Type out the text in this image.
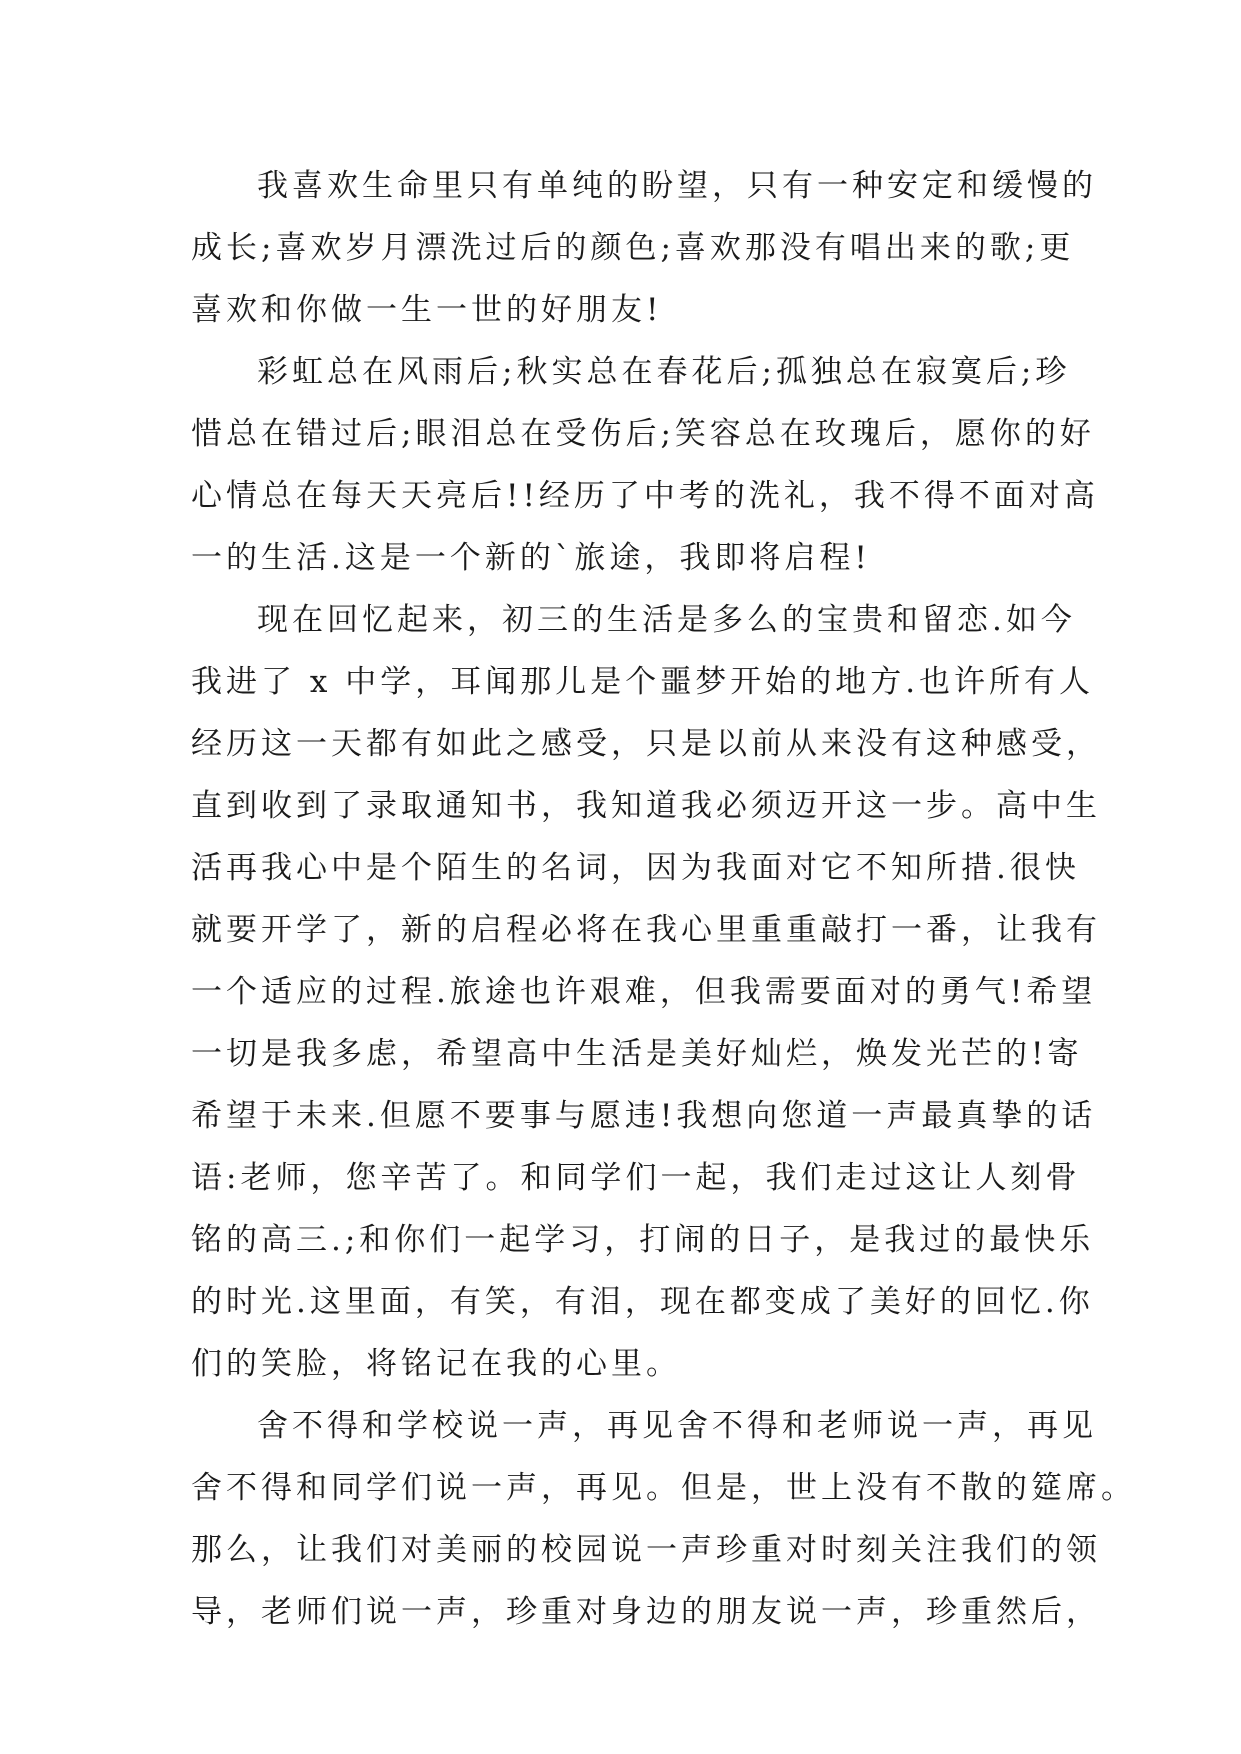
我喜欢生命里只有单纯的盼望，只有一种安定和缓慢的
成长;喜欢岁月漂洗过后的颜色;喜欢那没有唱出来的歌;更
喜欢和你做一生一世的好朋友!
彩虹总在风雨后;秋实总在春花后;孤独总在寂寞后;珍
惜总在错过后;眼泪总在受伤后;笑容总在玫瑰后，愿你的好
心情总在每天天亮后!!经历了中考的洗礼，我不得不面对高
一的生活.这是一个新的`旅途，我即将启程!
现在回忆起来，初三的生活是多么的宝贵和留恋.如今
我进了 x 中学，耳闻那儿是个噩梦开始的地方.也许所有人
经历这一天都有如此之感受，只是以前从来没有这种感受，
直到收到了录取通知书，我知道我必须迈开这一步。高中生
活再我心中是个陌生的名词，因为我面对它不知所措.很快
就要开学了，新的启程必将在我心里重重敲打一番，让我有
一个适应的过程.旅途也许艰难，但我需要面对的勇气!希望
一切是我多虑，希望高中生活是美好灿烂，焕发光芒的!寄
希望于未来.但愿不要事与愿违!我想向您道一声最真挚的话
语:老师，您辛苦了。和同学们一起，我们走过这让人刻骨
铭的高三.;和你们一起学习，打闹的日子，是我过的最快乐
的时光.这里面，有笑，有泪，现在都变成了美好的回忆.你
们的笑脸，将铭记在我的心里。
舍不得和学校说一声，再见舍不得和老师说一声，再见
舍不得和同学们说一声，再见。但是，世上没有不散的筵席。
那么，让我们对美丽的校园说一声珍重对时刻关注我们的领
导，老师们说一声，珍重对身边的朋友说一声，珍重然后，
